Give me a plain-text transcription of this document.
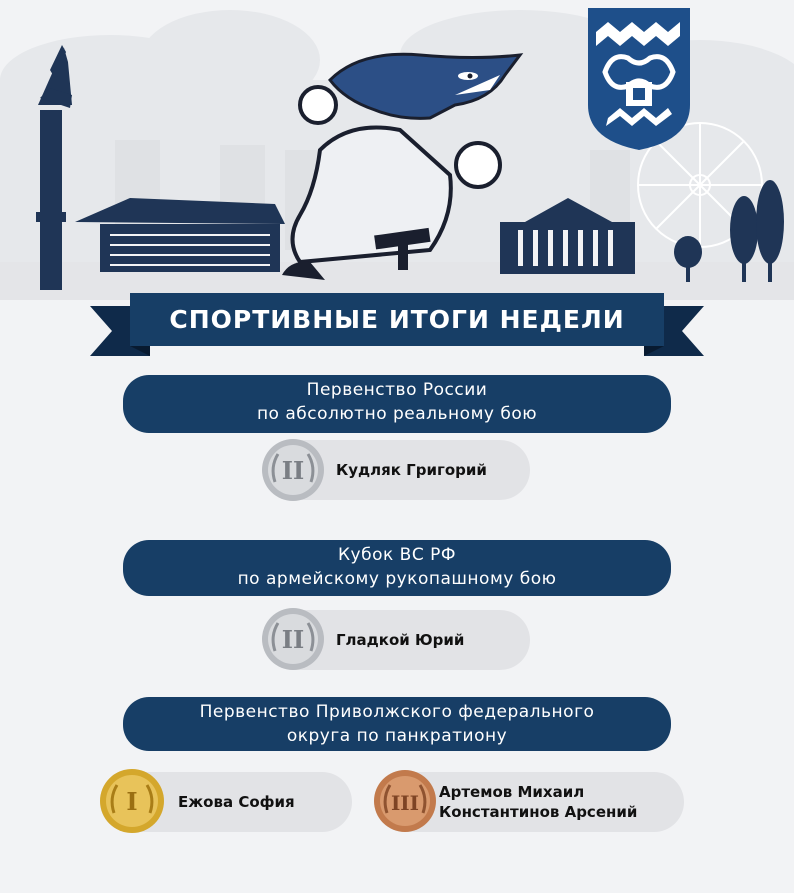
СПОРТИВНЫЕ ИТОГИ НЕДЕЛИ
Первенство России
по абсолютно реальному бою
Кудляк Григорий
II
Кубок ВС РФ
по армейскому рукопашному бою
Гладкой Юрий
II
Первенство Приволжского федерального
округа по панкратиону
Ежова София
I	Артемов Михаил
Константинов Арсений
III
